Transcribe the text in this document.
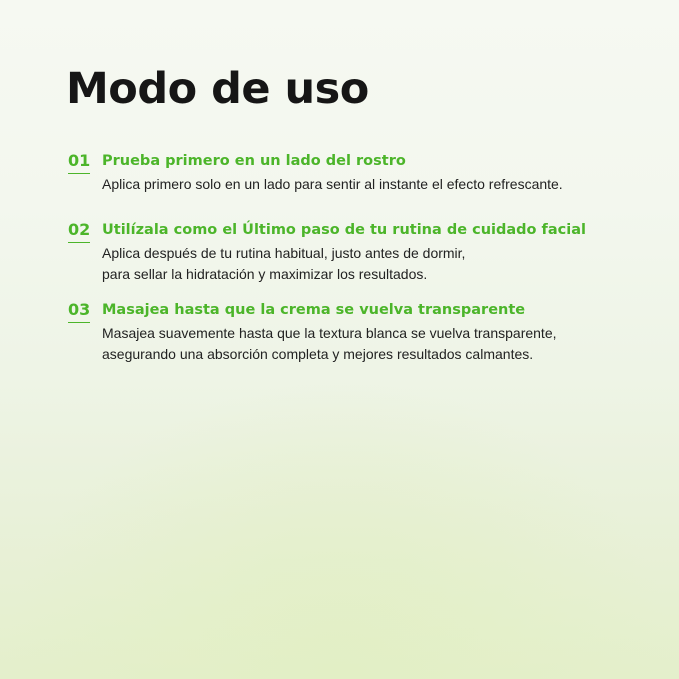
Modo de uso
01 Prueba primero en un lado del rostro
Aplica primero solo en un lado para sentir al instante el efecto refrescante.
02 Utilízala como el Último paso de tu rutina de cuidado facial
Aplica después de tu rutina habitual, justo antes de dormir,
para sellar la hidratación y maximizar los resultados.
03 Masajea hasta que la crema se vuelva transparente
Masajea suavemente hasta que la textura blanca se vuelva transparente,
asegurando una absorción completa y mejores resultados calmantes.
